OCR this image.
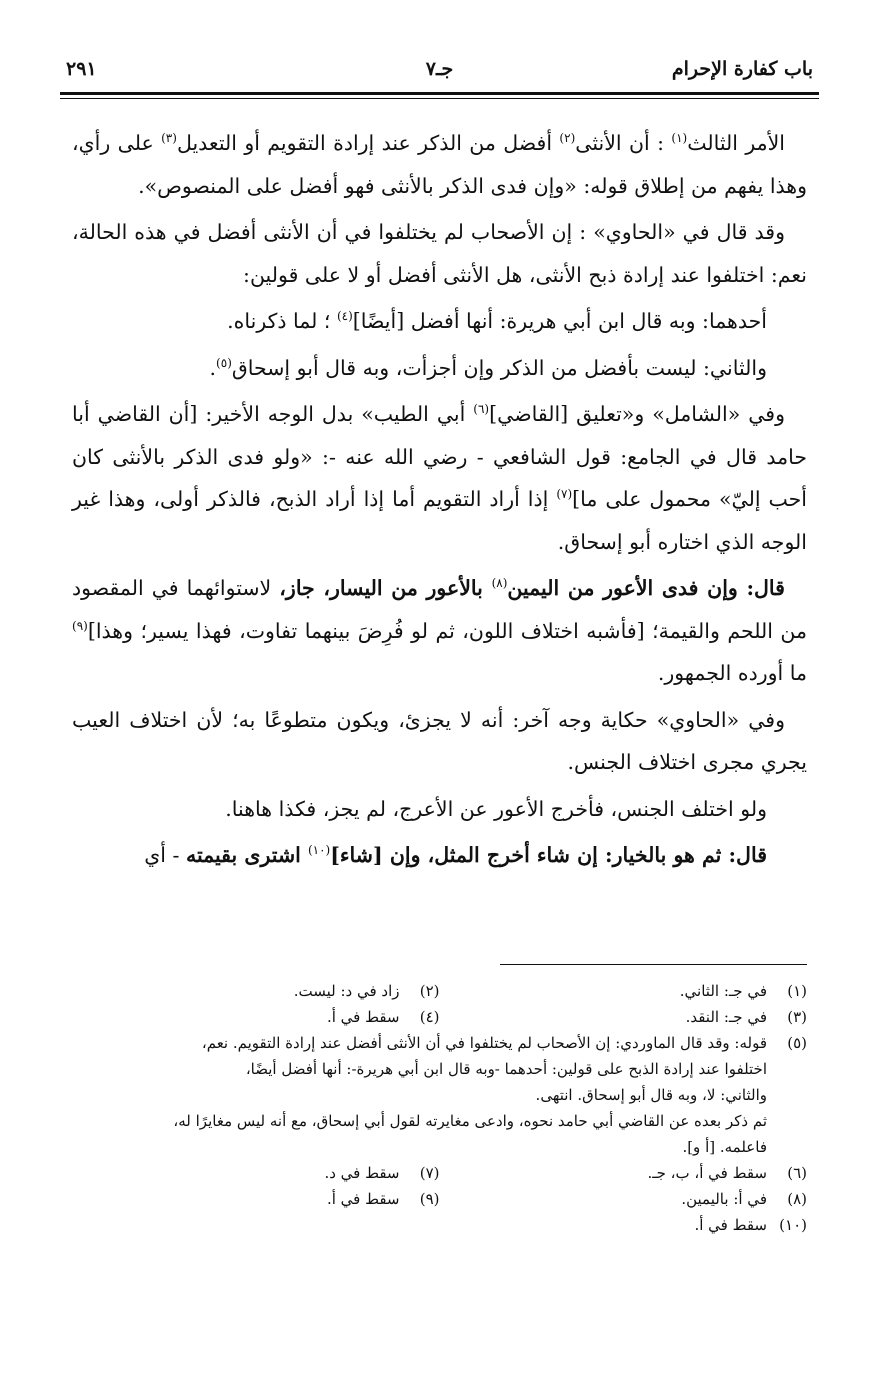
باب كفارة الإحرام
جـ٧
٢٩١

الأمر الثالث$^{(١)}$ : أن الأنثى$^{(٢)}$ أفضل من الذكر عند إرادة التقويم أو التعديل$^{(٣)}$ على رأي، وهذا يفهم من إطلاق قوله: «وإن فدى الذكر بالأنثى فهو أفضل على المنصوص».

وقد قال في «الحاوي» : إن الأصحاب لم يختلفوا في أن الأنثى أفضل في هذه الحالة، نعم: اختلفوا عند إرادة ذبح الأنثى، هل الأنثى أفضل أو لا على قولين:

أحدهما: وبه قال ابن أبي هريرة: أنها أفضل [أيضًا]$^{(٤)}$ ؛ لما ذكرناه.

والثاني: ليست بأفضل من الذكر وإن أجزأت، وبه قال أبو إسحاق$^{(٥)}$.

وفي «الشامل» و«تعليق [القاضي]$^{(٦)}$ أبي الطيب» بدل الوجه الأخير: [أن القاضي أبا حامد قال في الجامع: قول الشافعي - رضي الله عنه -: «ولو فدى الذكر بالأنثى كان أحب إليّ» محمول على ما]$^{(٧)}$ إذا أراد التقويم أما إذا أراد الذبح، فالذكر أولى، وهذا غير الوجه الذي اختاره أبو إسحاق.

قال: وإن فدى الأعور من اليمين$^{(٨)}$ بالأعور من اليسار، جاز، لاستوائهما في المقصود من اللحم والقيمة؛ [فأشبه اختلاف اللون، ثم لو فُرِضَ بينهما تفاوت، فهذا يسير؛ وهذا]$^{(٩)}$ ما أورده الجمهور.

وفي «الحاوي» حكاية وجه آخر: أنه لا يجزئ، ويكون متطوعًا به؛ لأن اختلاف العيب يجري مجرى اختلاف الجنس.

ولو اختلف الجنس، فأخرج الأعور عن الأعرج، لم يجز، فكذا هاهنا.

قال: ثم هو بالخيار: إن شاء أخرج المثل، وإن [شاء]$^{(١٠)}$ اشترى بقيمته - أي

(١)
في جـ: الثاني.
(٢)
زاد في د: ليست.
(٣)
في جـ: النقد.
(٤)
سقط في أ.
(٥)
قوله: وقد قال الماوردي: إن الأصحاب لم يختلفوا في أن الأنثى أفضل عند إرادة التقويم. نعم،
اختلفوا عند إرادة الذبح على قولين: أحدهما -وبه قال ابن أبي هريرة-: أنها أفضل أيضًا،
والثاني: لا، وبه قال أبو إسحاق. انتهى.
ثم ذكر بعده عن القاضي أبي حامد نحوه، وادعى مغايرته لقول أبي إسحاق، مع أنه ليس مغايرًا له،
فاعلمه. [أ و].
(٦)
سقط في أ، ب، جـ.
(٧)
سقط في د.
(٨)
في أ: باليمين.
(٩)
سقط في أ.
(١٠)
سقط في أ.
